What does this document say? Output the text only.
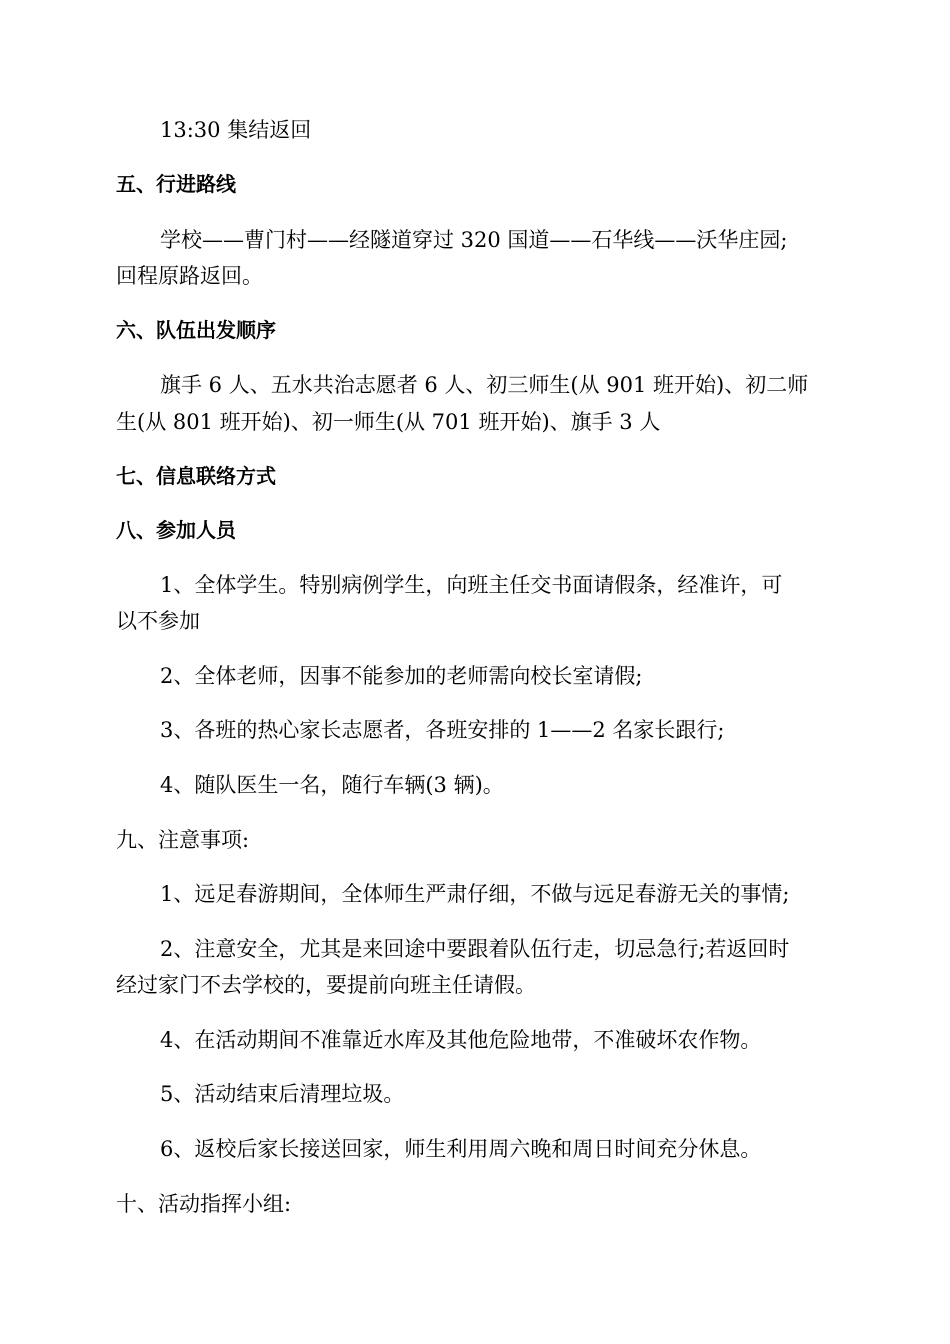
13:30 集结返回
五、行进路线
学校——曹门村——经隧道穿过 320 国道——石华线——沃华庄园;
回程原路返回。
六、队伍出发顺序
旗手 6 人、五水共治志愿者 6 人、初三师生(从 901 班开始)、初二师
生(从 801 班开始)、初一师生(从 701 班开始)、旗手 3 人
七、信息联络方式
八、参加人员
1、全体学生。特别病例学生，向班主任交书面请假条，经准许，可
以不参加
2、全体老师，因事不能参加的老师需向校长室请假;
3、各班的热心家长志愿者，各班安排的 1——2 名家长跟行;
4、随队医生一名，随行车辆(3 辆)。
九、注意事项:
1、远足春游期间，全体师生严肃仔细，不做与远足春游无关的事情;
2、注意安全，尤其是来回途中要跟着队伍行走，切忌急行;若返回时
经过家门不去学校的，要提前向班主任请假。
4、在活动期间不准靠近水库及其他危险地带，不准破坏农作物。
5、活动结束后清理垃圾。
6、返校后家长接送回家，师生利用周六晚和周日时间充分休息。
十、活动指挥小组:
